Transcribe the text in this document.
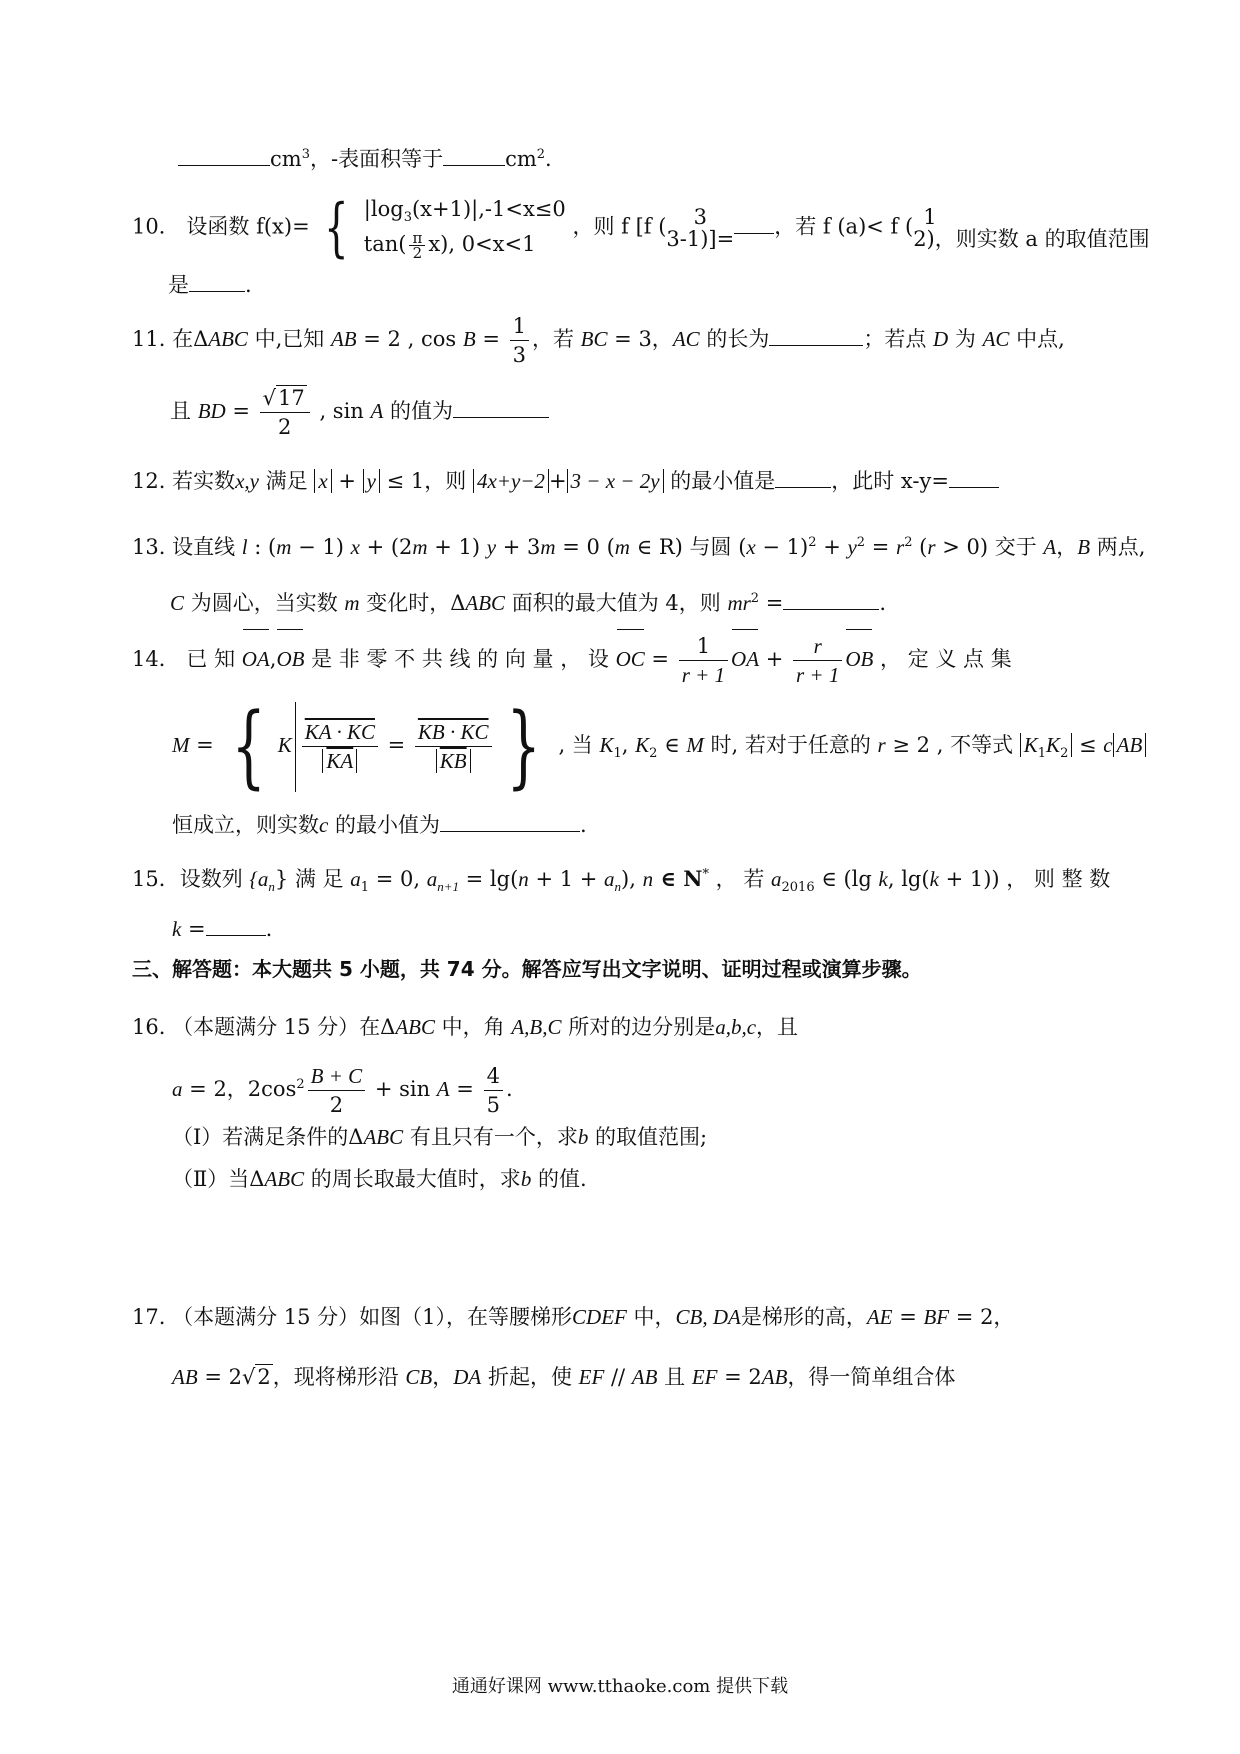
$cm^3$，-表面积等于	$cm^2$.
10． 设函数 f(x)= { $|\log_3(x+1)|,-1<x\le 0$
$\tan( \frac{\pi}{2} x)$, 0<x<1
，则 f [f (	3
3-1)]=
，若 f (a)< f ( 1
2)，则实数 a 的取值范围
是	.
11. 在ΔABC 中,已知 AB = 2 , $\cos B = \frac{1}{3}$ ，若 BC = 3，AC 的长为	；若点 D 为 AC 中点,
且 BD = $\frac{√17}{2}$ , sin A 的值为
12. 若实数x,y 满足 x + y ≤ 1，则 4x+y−2 + 3 − x − 2y 的最小值是	，此时 x-y=
13. 设直线 l : (m − 1) x + (2m + 1) y + 3m = 0 (m ∈ R) 与圆 $(x - 1)^2 + y^2 = r^2$ (r > 0) 交于 A，B 两点,
C 为圆心，当实数 m 变化时，ΔABC 面积的最大值为 4，则 $mr^2$ =	.
14． 已 知 OA,OB 是 非 零 不 共 线 的 向 量 ， 设 OC = $\frac{1}{r + 1}$ OA + $\frac{r}{r + 1}$ OB ， 定 义 点 集
M = { K $\frac{KA \cdot KC}{KA} = \frac{KB \cdot KC}{KB}$ } , 当 $K_1$, $K_2$ ∈ M 时, 若对于任意的 r ≥ 2 , 不等式 $K_1K_2 \le c$ AB
恒成立，则实数c 的最小值为	.
15．设数列 $\{a_n\}$ 满 足 $a_1 = 0$, $a_{n+1} = \lg(n + 1 + a_n)$, n ∈ N* ， 若 $a_{2016}$ ∈ (lg k, lg(k + 1)) ， 则 整 数
k =	.
三、解答题：本大题共 5 小题，共 74 分。解答应写出文字说明、证明过程或演算步骤。
16. （本题满分 15 分）在ΔABC 中，角 A,B,C 所对的边分别是a,b,c，且
a = 2，$2\cos^2 \frac{B + C}{2} + \sin A = \frac{4}{5}$ .
（Ⅰ）若满足条件的ΔABC 有且只有一个，求b 的取值范围;
（Ⅱ）当ΔABC 的周长取最大值时，求b 的值.
17. （本题满分 15 分）如图（1），在等腰梯形CDEF 中，CB, DA是梯形的高，AE = BF = 2，
AB = 2√2，现将梯形沿 CB，DA 折起，使 EF // AB 且 EF = 2AB，得一简单组合体
通通好课网 www.tthaoke.com 提供下载
